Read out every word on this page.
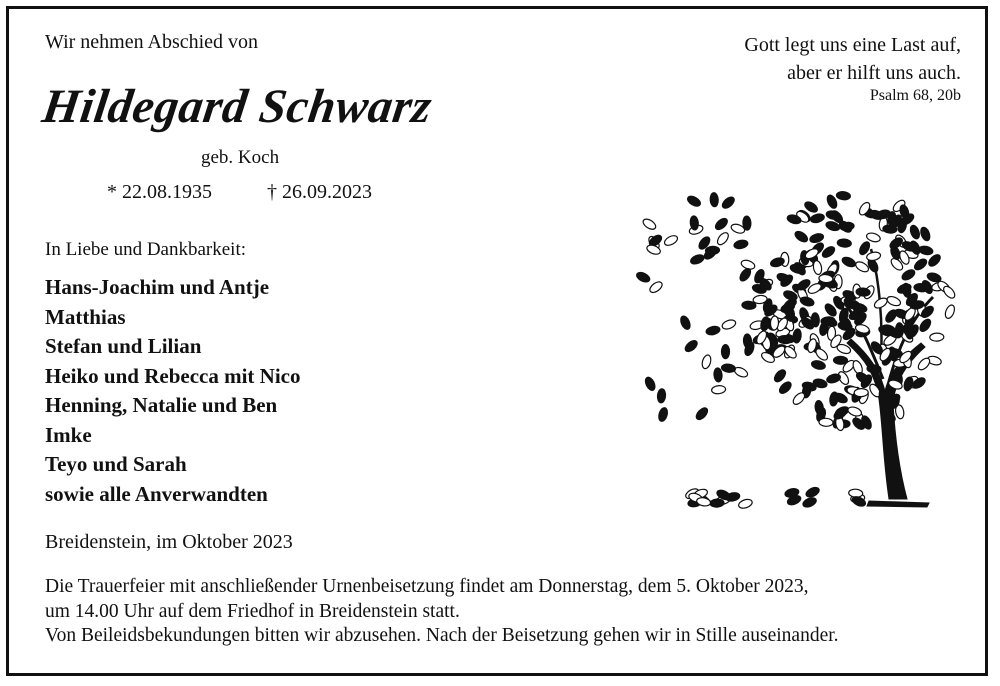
Wir nehmen Abschied von
Hildegard Schwarz
geb. Koch
* 22.08.1935	† 26.09.2023
Gott legt uns eine Last auf,
aber er hilft uns auch.
Psalm 68, 20b
In Liebe und Dankbarkeit:
Hans-Joachim und Antje
Matthias
Stefan und Lilian
Heiko und Rebecca mit Nico
Henning, Natalie und Ben
Imke
Teyo und Sarah
sowie alle Anverwandten
Breidenstein, im Oktober 2023
Die Trauerfeier mit anschließender Urnenbeisetzung findet am Donnerstag, dem 5. Oktober 2023,
um 14.00 Uhr auf dem Friedhof in Breidenstein statt.
Von Beileidsbekundungen bitten wir abzusehen. Nach der Beisetzung gehen wir in Stille auseinander.
